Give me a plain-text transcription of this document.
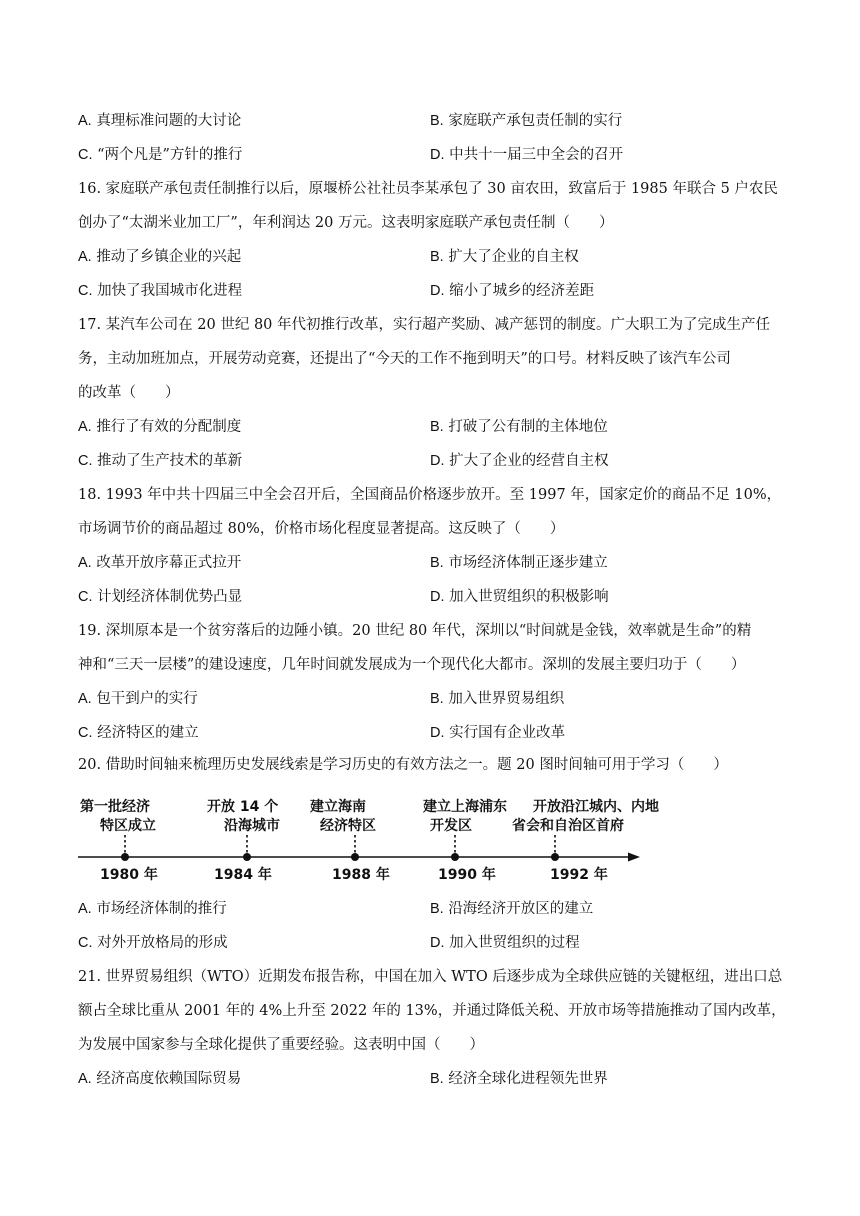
A. 真理标准问题的大讨论	B. 家庭联产承包责任制的实行
C. “两个凡是”方针的推行	D. 中共十一届三中全会的召开
16. 家庭联产承包责任制推行以后，原堰桥公社社员李某承包了 30 亩农田，致富后于 1985 年联合 5 户农民
创办了“太湖米业加工厂”，年利润达 20 万元。这表明家庭联产承包责任制（　　）
A. 推动了乡镇企业的兴起	B. 扩大了企业的自主权
C. 加快了我国城市化进程	D. 缩小了城乡的经济差距
17. 某汽车公司在 20 世纪 80 年代初推行改革，实行超产奖励、减产惩罚的制度。广大职工为了完成生产任
务，主动加班加点，开展劳动竞赛，还提出了“今天的工作不拖到明天”的口号。材料反映了该汽车公司
的改革（　　）
A. 推行了有效的分配制度	B. 打破了公有制的主体地位
C. 推动了生产技术的革新	D. 扩大了企业的经营自主权
18. 1993 年中共十四届三中全会召开后，全国商品价格逐步放开。至 1997 年，国家定价的商品不足 10%，
市场调节价的商品超过 80%，价格市场化程度显著提高。这反映了（　　）
A. 改革开放序幕正式拉开	B. 市场经济体制正逐步建立
C. 计划经济体制优势凸显	D. 加入世贸组织的积极影响
19. 深圳原本是一个贫穷落后的边陲小镇。20 世纪 80 年代，深圳以“时间就是金钱，效率就是生命”的精
神和“三天一层楼”的建设速度，几年时间就发展成为一个现代化大都市。深圳的发展主要归功于（　　）
A. 包干到户的实行	B. 加入世界贸易组织
C. 经济特区的建立	D. 实行国有企业改革
20. 借助时间轴来梳理历史发展线索是学习历史的有效方法之一。题 20 图时间轴可用于学习（　　）
第一批经济
特区成立
1980 年
开放 14 个
沿海城市
1984 年
建立海南
经济特区
1988 年
建立上海浦东
开发区
1990 年
开放沿江城内、内地
省会和自治区首府
1992 年
A. 市场经济体制的推行	B. 沿海经济开放区的建立
C. 对外开放格局的形成	D. 加入世贸组织的过程
21. 世界贸易组织（WTO）近期发布报告称，中国在加入 WTO 后逐步成为全球供应链的关键枢纽，进出口总
额占全球比重从 2001 年的 4%上升至 2022 年的 13%，并通过降低关税、开放市场等措施推动了国内改革，
为发展中国家参与全球化提供了重要经验。这表明中国（　　）
A. 经济高度依赖国际贸易	B. 经济全球化进程领先世界
